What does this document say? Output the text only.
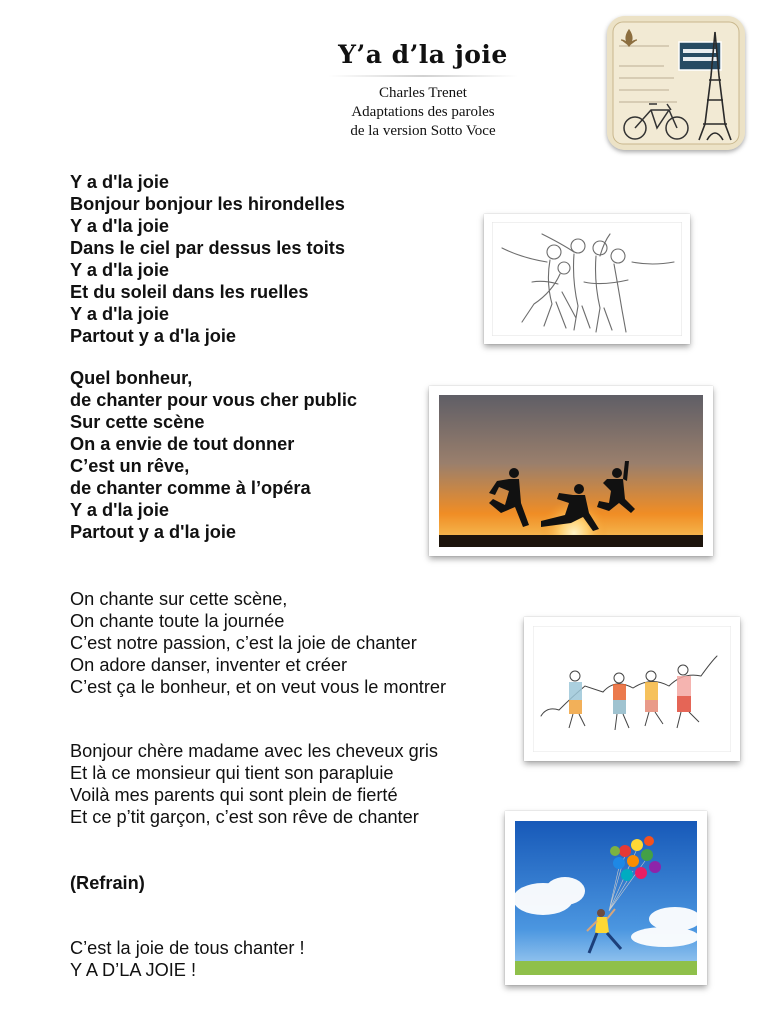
Y’a d’la joie
Charles Trenet
Adaptations des paroles
de la version Sotto Voce
Y a d'la joie
Bonjour bonjour les hirondelles
Y a d'la joie
Dans le ciel par dessus les toits
Y a d'la joie
Et du soleil dans les ruelles
Y a d'la joie
Partout y a d'la joie
Quel bonheur,
de chanter pour vous cher public
Sur cette scène
On a envie de tout donner
C’est un rêve,
de chanter comme à l’opéra
Y a d'la joie
Partout y a d'la joie
On chante sur cette scène,
On chante toute la journée
C’est notre passion, c’est la joie de chanter
On adore danser, inventer et créer
C’est ça le bonheur, et on veut vous le montrer
Bonjour chère madame avec les cheveux gris
Et là ce monsieur qui tient son parapluie
Voilà mes parents qui sont plein de fierté
Et ce p’tit garçon, c’est son rêve de chanter
(Refrain)
C’est la joie de tous chanter !
Y A D’LA JOIE !
